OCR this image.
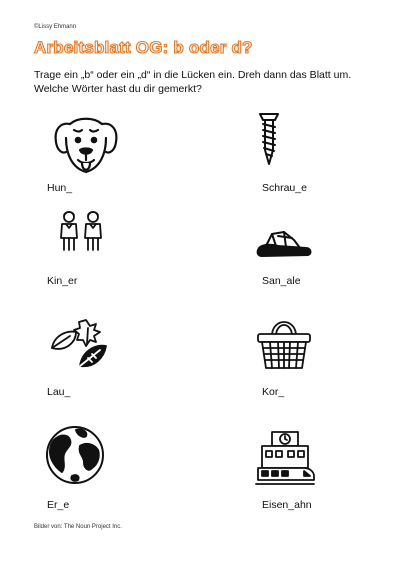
©Lissy Ehmann
Arbeitsblatt OG: b oder d?
Trage ein „b“ oder ein „d“ in die Lücken ein. Dreh dann das Blatt um. Welche Wörter hast du dir gemerkt?
Hun_	Schrau_e
Kin_er	San_ale
Lau_	Kor_
Er_e	Eisen_ahn
Bilder von: The Noun Project Inc.
